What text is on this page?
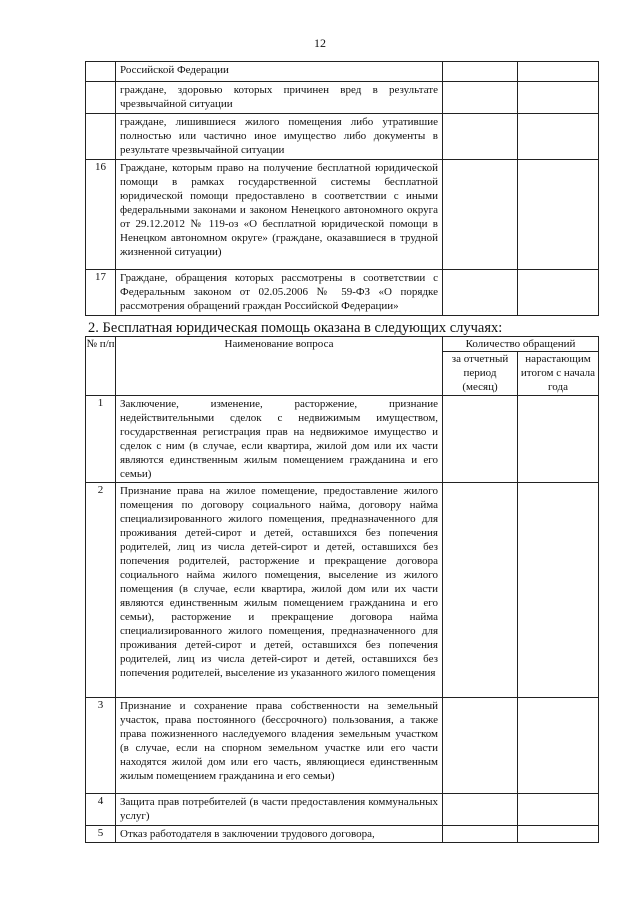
12
	Российской Федерации		
	граждане, здоровью которых причинен вред в результате чрезвычайной ситуации		
	граждане, лишившиеся жилого помещения либо утратившие полностью или частично иное имущество либо документы в результате чрезвычайной ситуации		
16	Граждане, которым право на получение бесплатной юридической помощи в рамках государственной системы бесплатной юридической помощи предоставлено в соответствии с иными федеральными законами и законом Ненецкого автономного округа от 29.12.2012 № 119-оз «О бесплатной юридической помощи в Ненецком автономном округе» (граждане, оказавшиеся в трудной жизненной ситуации)		
17	Граждане, обращения которых рассмотрены в соответствии с Федеральным законом от 02.05.2006 № 59-ФЗ «О порядке рассмотрения обращений граждан Российской Федерации»		
2. Бесплатная юридическая помощь оказана в следующих случаях:
№ п/п	Наименование вопроса	Количество обращений	
		за отчетный период (месяц)	нарастающим итогом с начала года
1	Заключение, изменение, расторжение, признание недействительными сделок с недвижимым имуществом, государственная регистрация прав на недвижимое имущество и сделок с ним (в случае, если квартира, жилой дом или их части являются единственным жилым помещением гражданина и его семьи)		
2	Признание права на жилое помещение, предоставление жилого помещения по договору социального найма, договору найма специализированного жилого помещения, предназначенного для проживания детей-сирот и детей, оставшихся без попечения родителей, лиц из числа детей-сирот и детей, оставшихся без попечения родителей, расторжение и прекращение договора социального найма жилого помещения, выселение из жилого помещения (в случае, если квартира, жилой дом или их части являются единственным жилым помещением гражданина и его семьи), расторжение и прекращение договора найма специализированного жилого помещения, предназначенного для проживания детей-сирот и детей, оставшихся без попечения родителей, лиц из числа детей-сирот и детей, оставшихся без попечения родителей, выселение из указанного жилого помещения		
3	Признание и сохранение права собственности на земельный участок, права постоянного (бессрочного) пользования, а также права пожизненного наследуемого владения земельным участком (в случае, если на спорном земельном участке или его части находятся жилой дом или его часть, являющиеся единственным жилым помещением гражданина и его семьи)		
4	Защита прав потребителей (в части предоставления коммунальных услуг)		
5	Отказ работодателя в заключении трудового договора,		
